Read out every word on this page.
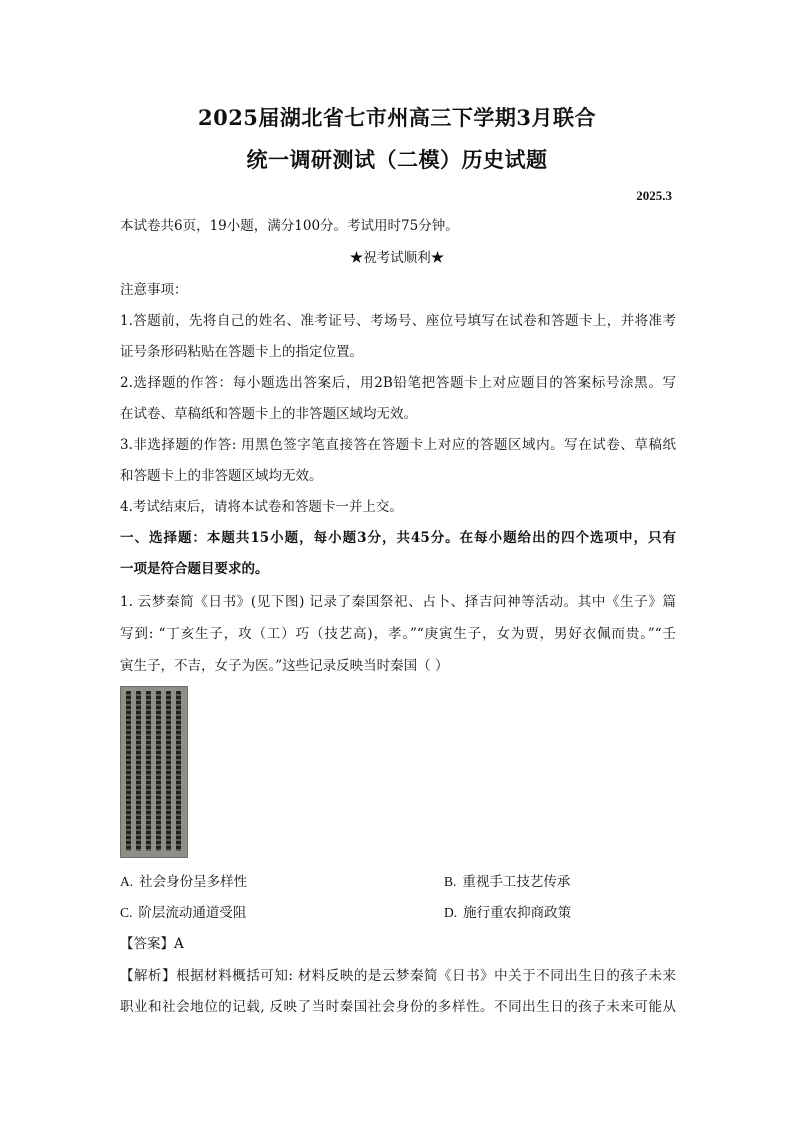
2025届湖北省七市州高三下学期3月联合
统一调研测试（二模）历史试题
2025.3
本试卷共6页，19小题，满分100分。考试用时75分钟。
★祝考试顺利★
注意事项：
1.答题前，先将自己的姓名、准考证号、考场号、座位号填写在试卷和答题卡上，并将准考
证号条形码粘贴在答题卡上的指定位置。
2.选择题的作答：每小题选出答案后，用2B铅笔把答题卡上对应题目的答案标号涂黑。写
在试卷、草稿纸和答题卡上的非答题区域均无效。
3.非选择题的作答: 用黑色签字笔直接答在答题卡上对应的答题区域内。写在试卷、草稿纸
和答题卡上的非答题区域均无效。
4.考试结束后，请将本试卷和答题卡一并上交。
一、选择题：本题共15小题，每小题3分，共45分。在每小题给出的四个选项中，只有
一项是符合题目要求的。
1. 云梦秦简《日书》(见下图) 记录了秦国祭祀、占卜、择吉问神等活动。其中《生子》篇
写到: “丁亥生子，攻（工）巧（技艺高)，孝。”“庚寅生子，女为贾，男好衣佩而贵。”“壬
寅生子，不吉，女子为医。”这些记录反映当时秦国（ ）
A. 社会身份呈多样性	B. 重视手工技艺传承
C. 阶层流动通道受阻	D. 施行重农抑商政策
【答案】A
【解析】根据材料概括可知: 材料反映的是云梦秦简《日书》中关于不同出生日的孩子未来
职业和社会地位的记载, 反映了当时秦国社会身份的多样性。不同出生日的孩子未来可能从
